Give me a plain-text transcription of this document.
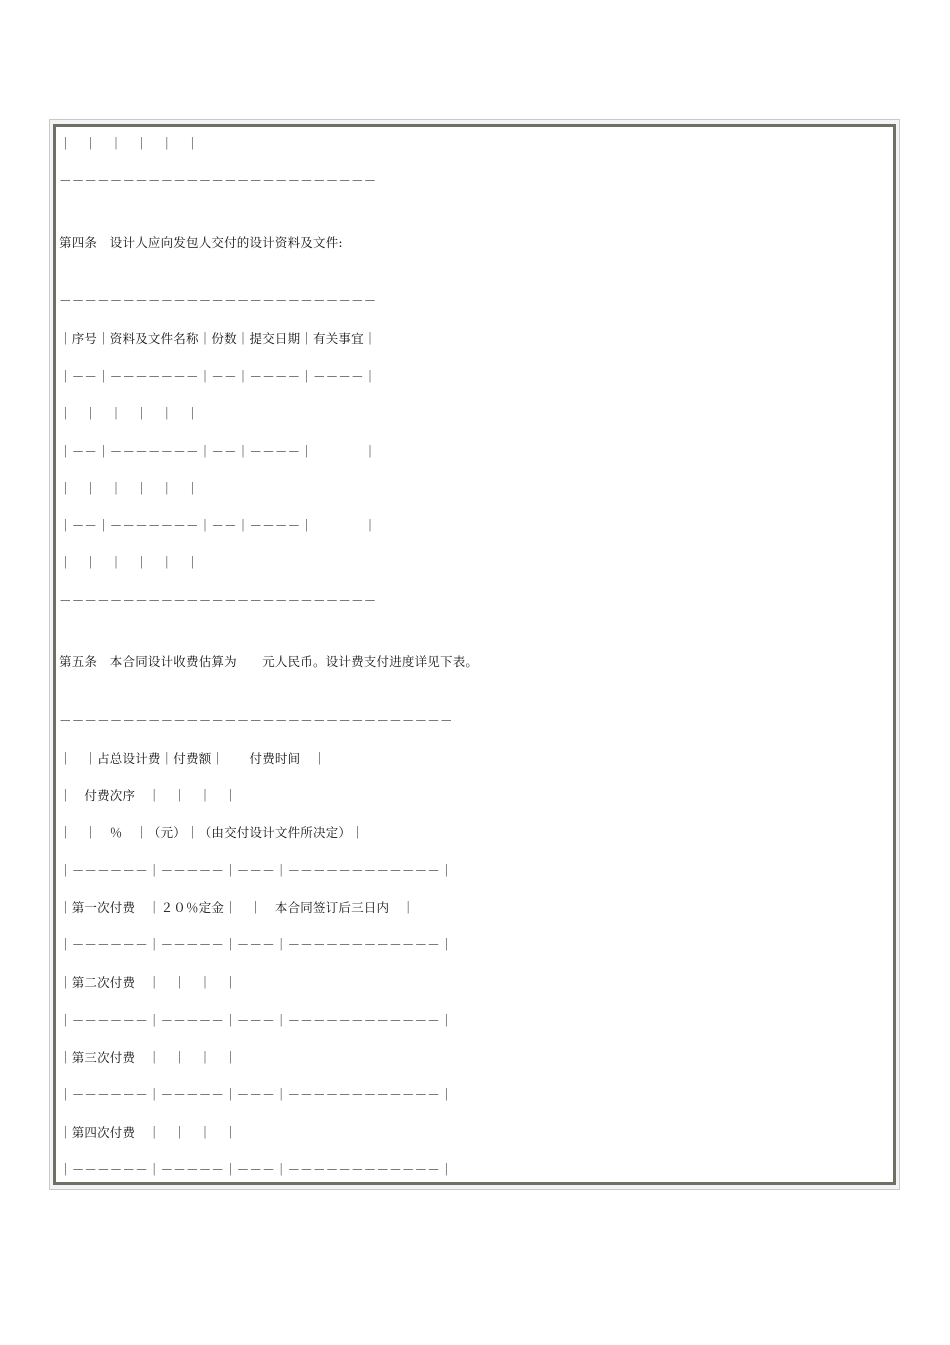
｜　｜　｜　｜　｜　｜

－－－－－－－－－－－－－－－－－－－－－－－－－

第四条　设计人应向发包人交付的设计资料及文件:

－－－－－－－－－－－－－－－－－－－－－－－－－

｜序号｜资料及文件名称｜份数｜提交日期｜有关事宜｜

｜－－｜－－－－－－－｜－－｜－－－－｜－－－－｜

｜　｜　｜　｜　｜　｜

｜－－｜－－－－－－－｜－－｜－－－－｜　　　　｜

｜　｜　｜　｜　｜　｜

｜－－｜－－－－－－－｜－－｜－－－－｜　　　　｜

｜　｜　｜　｜　｜　｜

－－－－－－－－－－－－－－－－－－－－－－－－－

第五条　本合同设计收费估算为　　元人民币。设计费支付进度详见下表。

－－－－－－－－－－－－－－－－－－－－－－－－－－－－－－－

｜　｜占总设计费｜付费额｜　　付费时间　｜

｜　付费次序　｜　｜　｜　｜

｜　｜　％　｜（元）｜（由交付设计文件所决定）｜

｜－－－－－－｜－－－－－｜－－－｜－－－－－－－－－－－－｜

｜第一次付费　｜２０％定金｜　｜　本合同签订后三日内　｜

｜－－－－－－｜－－－－－｜－－－｜－－－－－－－－－－－－｜

｜第二次付费　｜　｜　｜　｜

｜－－－－－－｜－－－－－｜－－－｜－－－－－－－－－－－－｜

｜第三次付费　｜　｜　｜　｜

｜－－－－－－｜－－－－－｜－－－｜－－－－－－－－－－－－｜

｜第四次付费　｜　｜　｜　｜

｜－－－－－－｜－－－－－｜－－－｜－－－－－－－－－－－－｜
